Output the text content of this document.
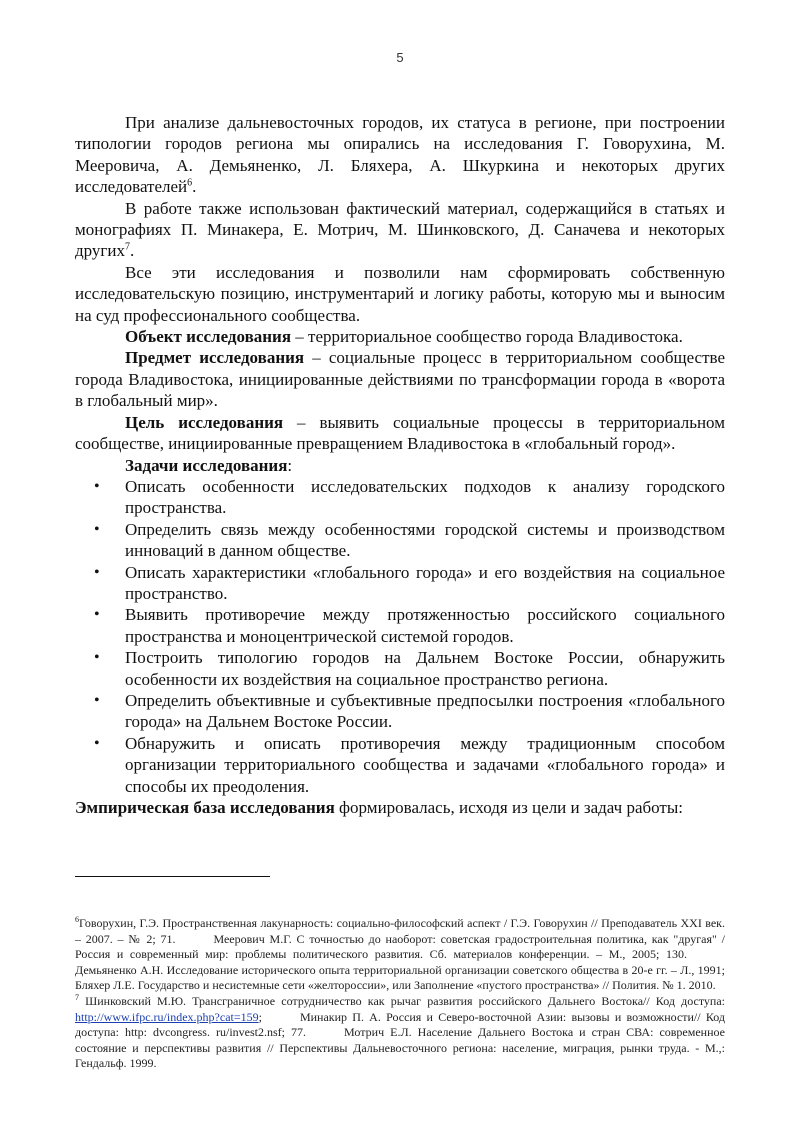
5

При анализе дальневосточных городов, их статуса в регионе, при построении типологии городов региона мы опирались на исследования Г. Говорухина, М. Мееровича, А. Демьяненко, Л. Бляхера, А. Шкуркина и некоторых других исследователей$^6$.

В работе также использован фактический материал, содержащийся в статьях и монографиях П. Минакера, Е. Мотрич, М. Шинковского, Д. Саначева и некоторых других$^7$.

Все эти исследования и позволили нам сформировать собственную исследовательскую позицию, инструментарий и логику работы, которую мы и выносим на суд профессионального сообщества.

Объект исследования – территориальное сообщество города Владивостока.

Предмет исследования – социальные процесс в территориальном сообществе города Владивостока, инициированные действиями по трансформации города в «ворота в глобальный мир».

Цель исследования – выявить социальные процессы в территориальном сообществе, инициированные превращением Владивостока в «глобальный город».

Задачи исследования:

• Описать особенности исследовательских подходов к анализу городского пространства.
• Определить связь между особенностями городской системы и производством инноваций в данном обществе.
• Описать характеристики «глобального города» и его воздействия на социальное пространство.
• Выявить противоречие между протяженностью российского социального пространства и моноцентрической системой городов.
• Построить типологию городов на Дальнем Востоке России, обнаружить особенности их воздействия на социальное пространство региона.
• Определить объективные и субъективные предпосылки построения «глобального города» на Дальнем Востоке России.
• Обнаружить и описать противоречия между традиционным способом организации территориального сообщества и задачами «глобального города» и способы их преодоления.

Эмпирическая база исследования формировалась, исходя из цели и задач работы:

$^6$Говорухин, Г.Э. Пространственная лакунарность: социально-философский аспект / Г.Э. Говорухин // Преподаватель XXI век. – 2007. – № 2; 71.	Меерович М.Г. С точностью до наоборот: советская градостроительная политика, как "другая" / Россия и современный мир: проблемы политического развития. Сб. материалов конференции. – М., 2005; 130.Демьяненко А.Н. Исследование исторического опыта территориальной организации советского общества в 20-е гг. – Л., 1991; Бляхер Л.Е. Государство и несистемные сети «желтороссии», или Заполнение «пустого пространства» // Полития. № 1. 2010.

$^7$ Шинковский М.Ю. Трансграничное сотрудничество как рычаг развития российского Дальнего Востока// Код доступа: http://www.ifpc.ru/index.php?cat=159;	Минакир П. А. Россия и Северо-восточной Азии: вызовы и возможности// Код доступа: http: dvcongress. ru/invest2.nsf; 77.	Мотрич Е.Л. Население Дальнего Востока и стран СВА: современное состояние и перспективы развития // Перспективы Дальневосточного региона: население, миграция, рынки труда. - М.,: Гендальф. 1999.
